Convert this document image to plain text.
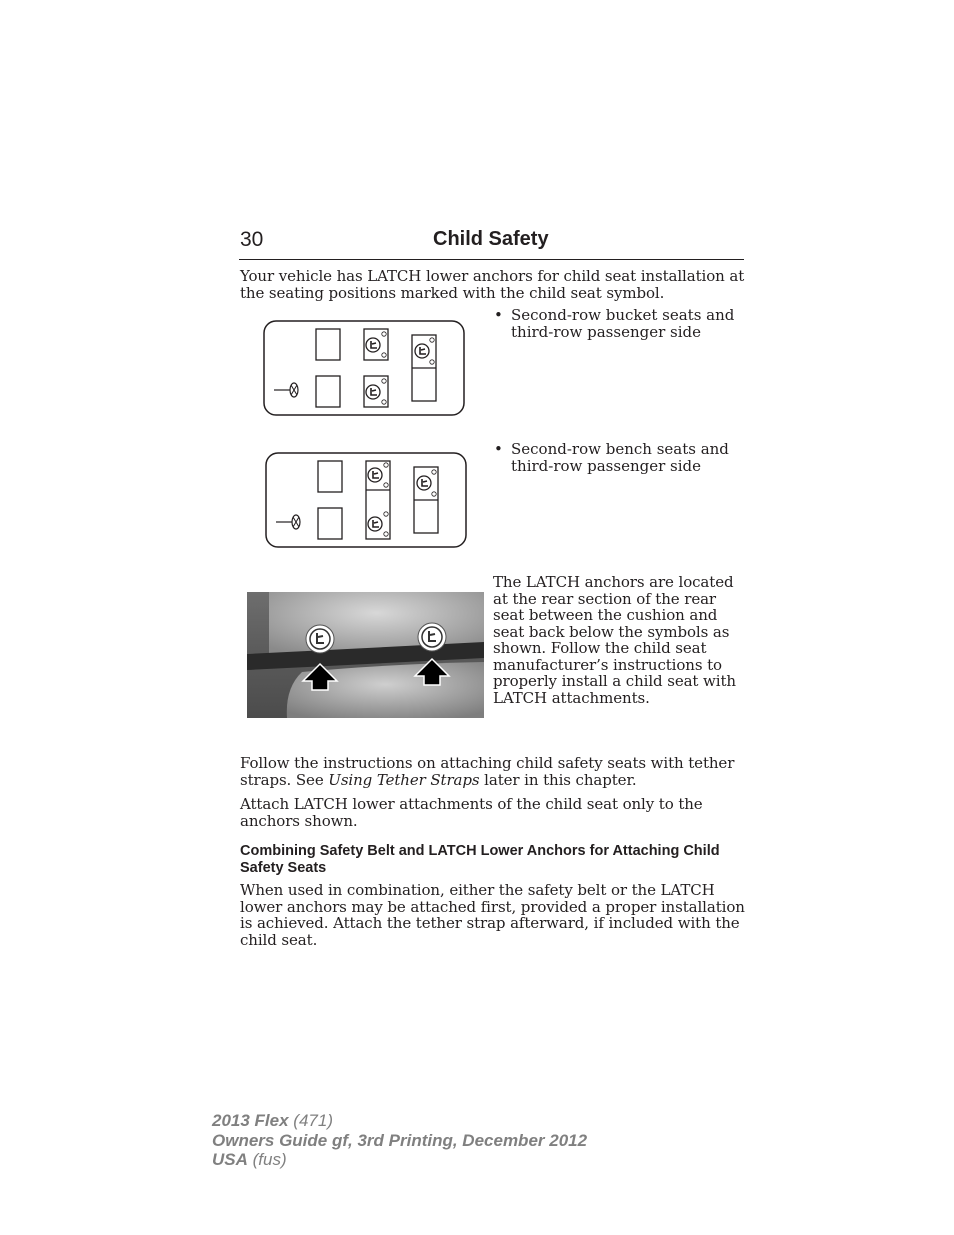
30	Child Safety
Your vehicle has LATCH lower anchors for child seat installation at the seating positions marked with the child seat symbol.
• Second-row bucket seats and third-row passenger side
• Second-row bench seats and third-row passenger side
The LATCH anchors are located at the rear section of the rear seat between the cushion and seat back below the symbols as shown. Follow the child seat manufacturer’s instructions to properly install a child seat with LATCH attachments.
Follow the instructions on attaching child safety seats with tether straps. See Using Tether Straps later in this chapter.
Attach LATCH lower attachments of the child seat only to the anchors shown.
Combining Safety Belt and LATCH Lower Anchors for Attaching Child Safety Seats
When used in combination, either the safety belt or the LATCH lower anchors may be attached first, provided a proper installation is achieved. Attach the tether strap afterward, if included with the child seat.
2013 Flex (471)
Owners Guide gf, 3rd Printing, December 2012
USA (fus)
